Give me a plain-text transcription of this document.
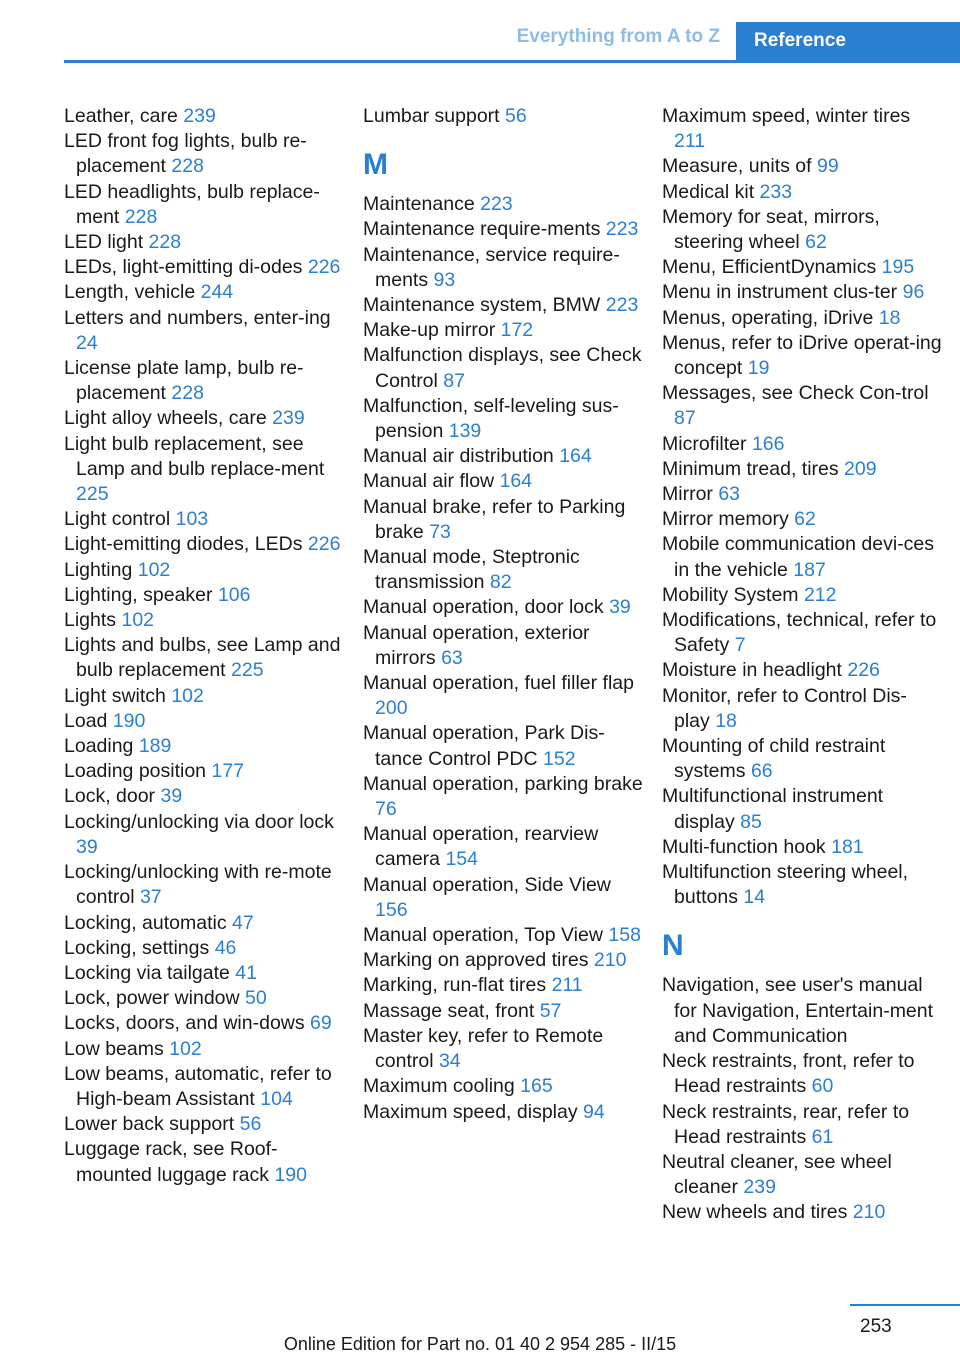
Everything from A to Z	Reference
Leather, care 239
LED front fog lights, bulb re-placement 228
LED headlights, bulb replace-ment 228
LED light 228
LEDs, light-emitting di-odes 226
Length, vehicle 244
Letters and numbers, enter-ing 24
License plate lamp, bulb re-placement 228
Light alloy wheels, care 239
Light bulb replacement, see Lamp and bulb replace-ment 225
Light control 103
Light-emitting diodes, LEDs 226
Lighting 102
Lighting, speaker 106
Lights 102
Lights and bulbs, see Lamp and bulb replacement 225
Light switch 102
Load 190
Loading 189
Loading position 177
Lock, door 39
Locking/unlocking via door lock 39
Locking/unlocking with re-mote control 37
Locking, automatic 47
Locking, settings 46
Locking via tailgate 41
Lock, power window 50
Locks, doors, and win-dows 69
Low beams 102
Low beams, automatic, refer to High-beam Assistant 104
Lower back support 56
Luggage rack, see Roof-mounted luggage rack 190
Lumbar support 56
M
Maintenance 223
Maintenance require-ments 223
Maintenance, service require-ments 93
Maintenance system, BMW 223
Make-up mirror 172
Malfunction displays, see Check Control 87
Malfunction, self-leveling sus-pension 139
Manual air distribution 164
Manual air flow 164
Manual brake, refer to Parking brake 73
Manual mode, Steptronic transmission 82
Manual operation, door lock 39
Manual operation, exterior mirrors 63
Manual operation, fuel filler flap 200
Manual operation, Park Dis-tance Control PDC 152
Manual operation, parking brake 76
Manual operation, rearview camera 154
Manual operation, Side View 156
Manual operation, Top View 158
Marking on approved tires 210
Marking, run-flat tires 211
Massage seat, front 57
Master key, refer to Remote control 34
Maximum cooling 165
Maximum speed, display 94
Maximum speed, winter tires 211
Measure, units of 99
Medical kit 233
Memory for seat, mirrors, steering wheel 62
Menu, EfficientDynamics 195
Menu in instrument clus-ter 96
Menus, operating, iDrive 18
Menus, refer to iDrive operat-ing concept 19
Messages, see Check Con-trol 87
Microfilter 166
Minimum tread, tires 209
Mirror 63
Mirror memory 62
Mobile communication devi-ces in the vehicle 187
Mobility System 212
Modifications, technical, refer to Safety 7
Moisture in headlight 226
Monitor, refer to Control Dis-play 18
Mounting of child restraint systems 66
Multifunctional instrument display 85
Multi-function hook 181
Multifunction steering wheel, buttons 14
N
Navigation, see user's manual for Navigation, Entertain-ment and Communication
Neck restraints, front, refer to Head restraints 60
Neck restraints, rear, refer to Head restraints 61
Neutral cleaner, see wheel cleaner 239
New wheels and tires 210
253
Online Edition for Part no. 01 40 2 954 285 - II/15
